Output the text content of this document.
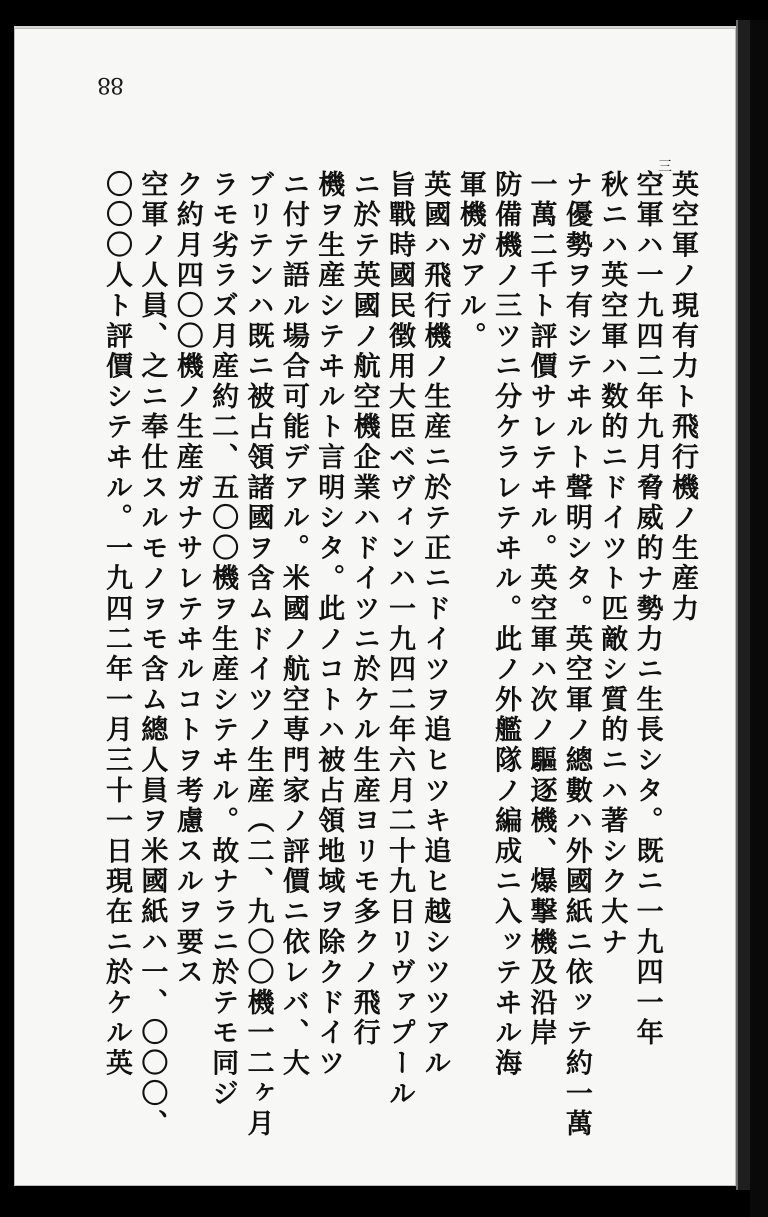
88
三
英空軍ノ現有力ト飛行機ノ生産力
空軍ハ一九四二年九月脅威的ナ勢力ニ生長シタ。既ニ一九四一年
秋ニハ英空軍ハ数的ニドイツト匹敵シ質的ニハ著シク大ナ
ナ優勢ヲ有シテヰルト聲明シタ。英空軍ノ總數ハ外國紙ニ依ッテ約一萬
一萬二千ト評價サレテヰル。英空軍ハ次ノ驅逐機、爆撃機及沿岸
防備機ノ三ツニ分ケラレテヰル。此ノ外艦隊ノ編成ニ入ッテヰル海
軍機ガアル。
英國ハ飛行機ノ生産ニ於テ正ニドイツヲ追ヒツキ追ヒ越シツツアル
旨戰時國民徴用大臣ベヴィンハ一九四二年六月二十九日リヴァプール
ニ於テ英國ノ航空機企業ハドイツニ於ケル生産ヨリモ多クノ飛行
機ヲ生産シテヰルト言明シタ。此ノコトハ被占領地域ヲ除クドイツ
ニ付テ語ル場合可能デアル。米國ノ航空専門家ノ評價ニ依レバ、大
ブリテンハ既ニ被占領諸國ヲ含ムドイツノ生産（二、九〇〇機一二ヶ月
ラモ劣ラズ月産約二、五〇〇機ヲ生産シテヰル。故ナラニ於テモ同ジ
ク約月四〇〇機ノ生産ガナサレテヰルコトヲ考慮スルヲ要ス
空軍ノ人員、之ニ奉仕スルモノヲモ含ム總人員ヲ米國紙ハ一、〇〇〇、
〇〇〇人ト評價シテヰル。一九四二年一月三十一日現在ニ於ケル英
